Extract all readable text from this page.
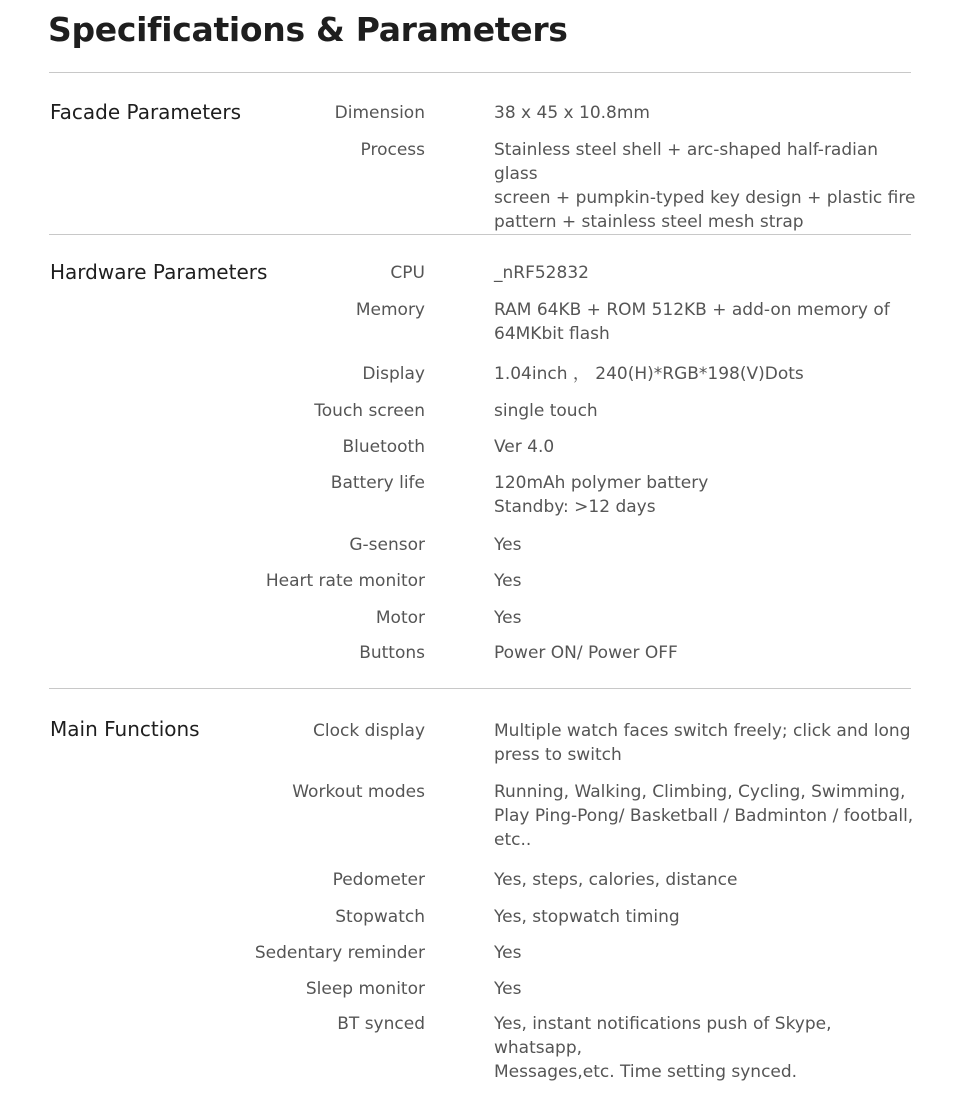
Specifications & Parameters
Facade Parameters	Dimension	38 x 45 x 10.8mm
Process	Stainless steel shell + arc-shaped half-radian glass
screen + pumpkin-typed key design + plastic fire
pattern + stainless steel mesh strap
Hardware Parameters	CPU	_nRF52832
Memory	RAM 64KB + ROM 512KB + add-on memory of
64MKbit flash
Display	1.04inch ， 240(H)*RGB*198(V)Dots
Touch screen	single touch
Bluetooth	Ver 4.0
Battery life	120mAh polymer battery
Standby: >12 days
G-sensor	Yes
Heart rate monitor	Yes
Motor	Yes
Buttons	Power ON/ Power OFF
Main Functions	Clock display	Multiple watch faces switch freely; click and long
press to switch
Workout modes	Running, Walking, Climbing, Cycling, Swimming,
Play Ping-Pong/ Basketball / Badminton / football,
etc..
Pedometer	Yes, steps, calories, distance
Stopwatch	Yes, stopwatch timing
Sedentary reminder	Yes
Sleep monitor	Yes
BT synced	Yes, instant notifications push of Skype, whatsapp,
Messages,etc. Time setting synced.
